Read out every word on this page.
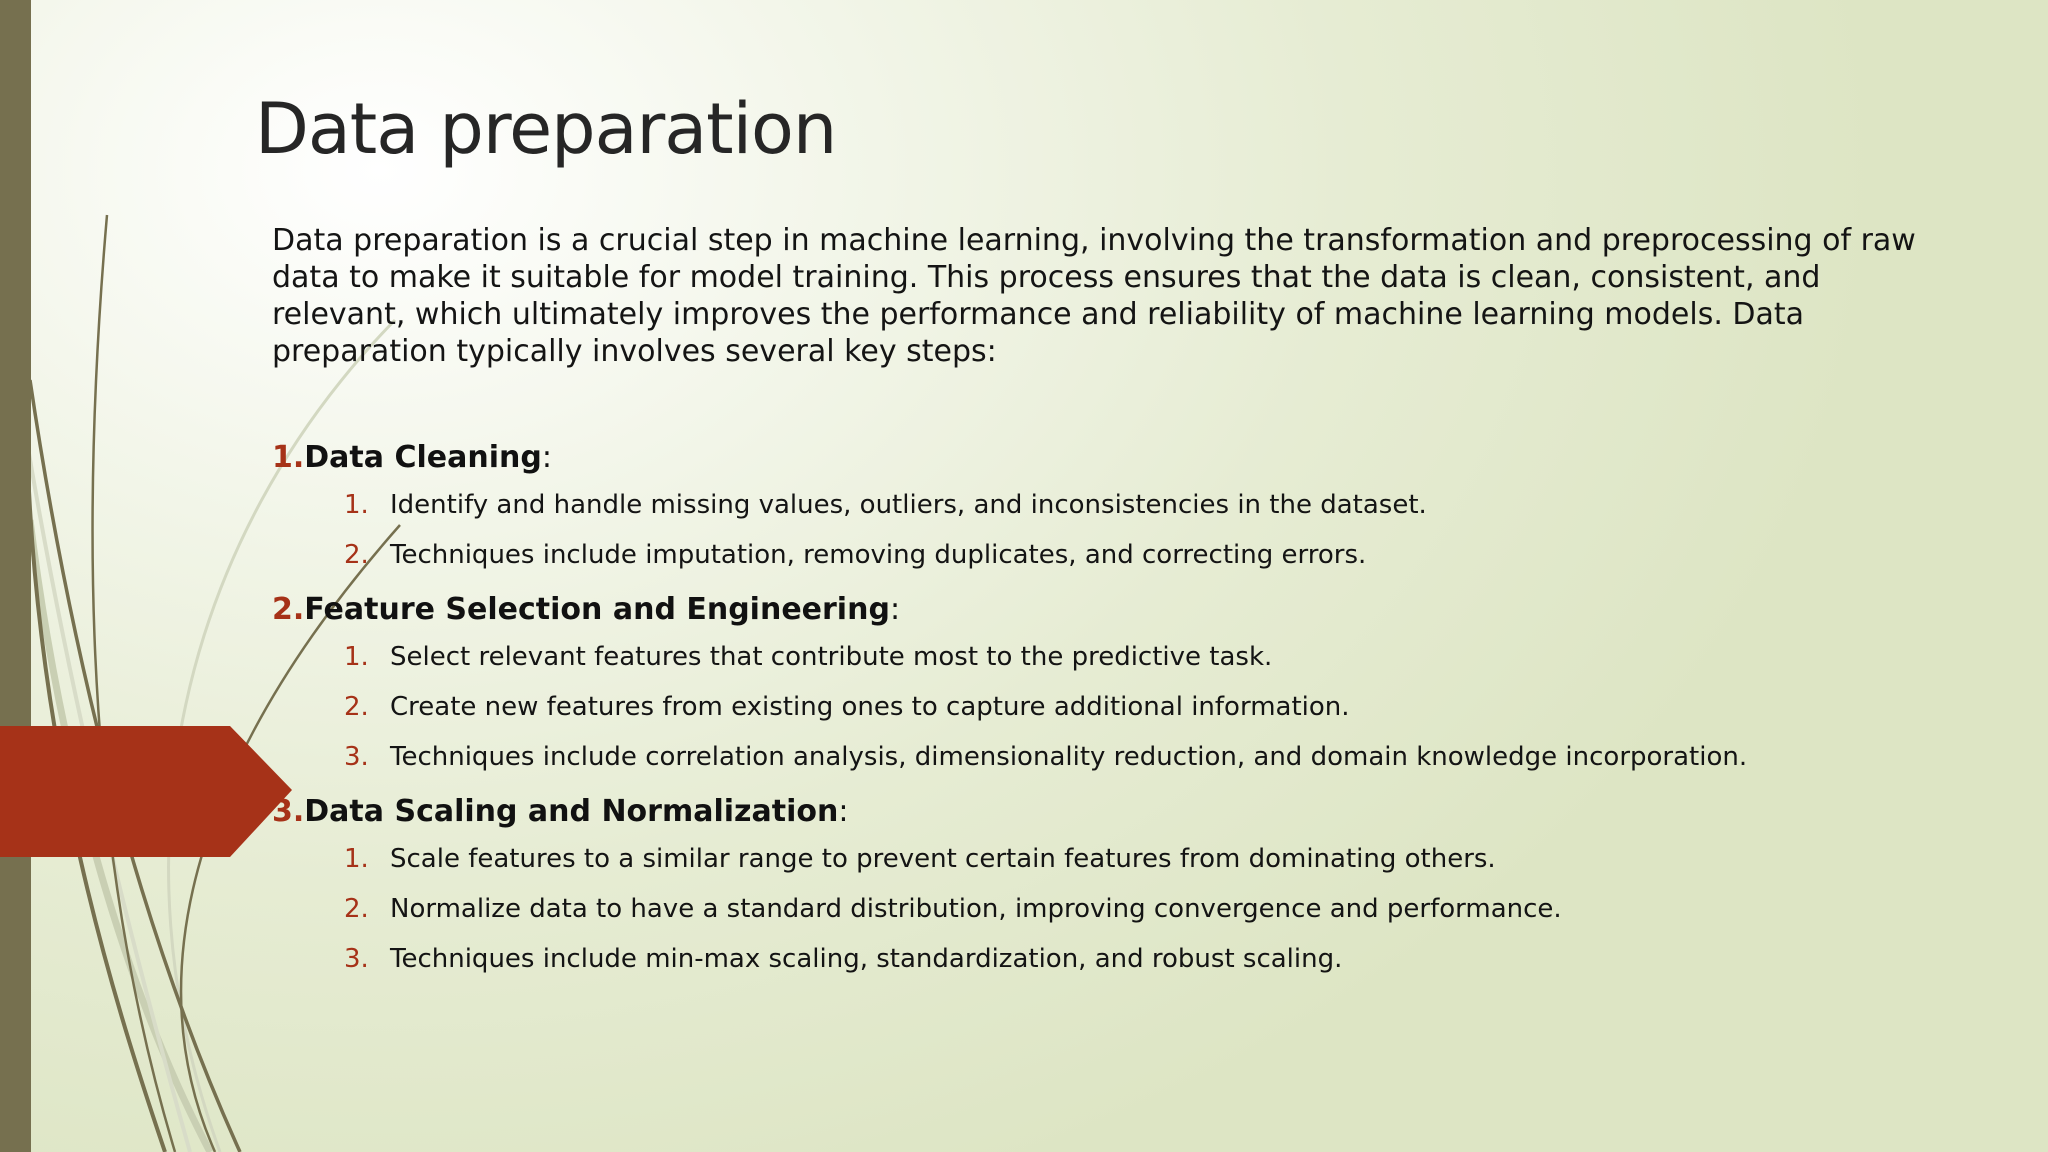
Data preparation

Data preparation is a crucial step in machine learning, involving the transformation and preprocessing of raw data to make it suitable for model training. This process ensures that the data is clean, consistent, and relevant, which ultimately improves the performance and reliability of machine learning models. Data preparation typically involves several key steps:

1.Data Cleaning:
1. Identify and handle missing values, outliers, and inconsistencies in the dataset.
2. Techniques include imputation, removing duplicates, and correcting errors.
2.Feature Selection and Engineering:
1. Select relevant features that contribute most to the predictive task.
2. Create new features from existing ones to capture additional information.
3. Techniques include correlation analysis, dimensionality reduction, and domain knowledge incorporation.
3.Data Scaling and Normalization:
1. Scale features to a similar range to prevent certain features from dominating others.
2. Normalize data to have a standard distribution, improving convergence and performance.
3. Techniques include min-max scaling, standardization, and robust scaling.
